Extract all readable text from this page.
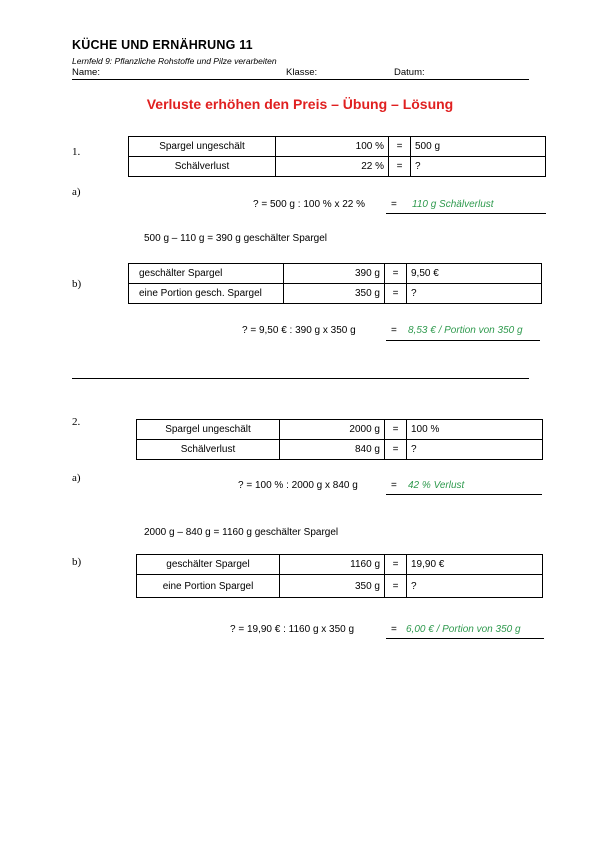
KÜCHE UND ERNÄHRUNG 11
Lernfeld 9: Pflanzliche Rohstoffe und Pilze verarbeiten
Name:	Klasse:	Datum:
Verluste erhöhen den Preis – Übung – Lösung
1.	Spargel ungeschält	100 %	=	500 g
Schälverlust	22 %	=	?
a)
? = 500 g : 100 % x 22 %	= 110 g Schälverlust
500 g – 110 g = 390 g geschälter Spargel
b)
geschälter Spargel	390 g	=	9,50 €
eine Portion gesch. Spargel	350 g	=	?
? = 9,50 € : 390 g x 350 g	= 8,53 € / Portion von 350 g
2.
Spargel ungeschält	2000 g	=	100 %
Schälverlust	840 g	=	?
a)
? = 100 % : 2000 g x 840 g	= 42 % Verlust
2000 g – 840 g = 1160 g geschälter Spargel
b)	geschälter Spargel	1160 g	=	19,90 €
eine Portion Spargel	350 g	=	?
? = 19,90 € : 1160 g x 350 g	= 6,00 € / Portion von 350 g
